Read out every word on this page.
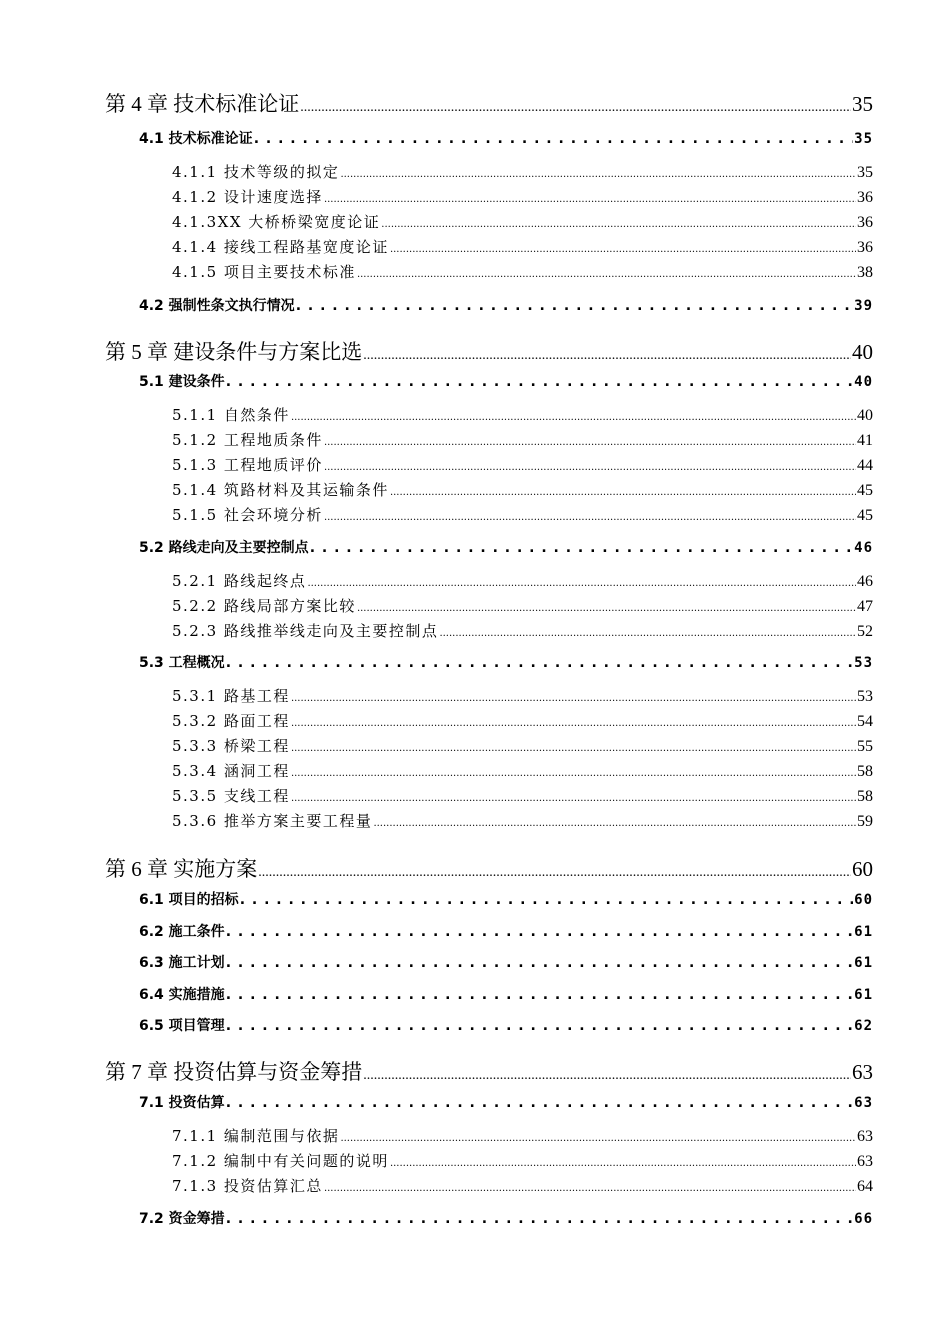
第 4 章 技术标准论证 .....	35
4.1 技术标准论证 . . .	35
4.1.1 技术等级的拟定 .....	35
4.1.2 设计速度选择 .....	36
4.1.3XX 大桥桥梁宽度论证 .....	36
4.1.4 接线工程路基宽度论证 .....	36
4.1.5 项目主要技术标准 .....	38
4.2 强制性条文执行情况 . . .	39
第 5 章 建设条件与方案比选 .....	40
5.1 建设条件 . . .	40
5.1.1 自然条件 .....	40
5.1.2 工程地质条件 .....	41
5.1.3 工程地质评价 .....	44
5.1.4 筑路材料及其运输条件 .....	45
5.1.5 社会环境分析 .....	45
5.2 路线走向及主要控制点 . . .	46
5.2.1 路线起终点 .....	46
5.2.2 路线局部方案比较 .....	47
5.2.3 路线推举线走向及主要控制点 .....	52
5.3 工程概况 . . .	53
5.3.1 路基工程 .....	53
5.3.2 路面工程 .....	54
5.3.3 桥梁工程 .....	55
5.3.4 涵洞工程 .....	58
5.3.5 支线工程 .....	58
5.3.6 推举方案主要工程量 .....	59
第 6 章 实施方案 .....	60
6.1 项目的招标 . . .	60
6.2 施工条件 . . .	61
6.3 施工计划 . . .	61
6.4 实施措施 . . .	61
6.5 项目管理 . . .	62
第 7 章 投资估算与资金筹措 .....	63
7.1 投资估算 . . .	63
7.1.1 编制范围与依据 .....	63
7.1.2 编制中有关问题的说明 .....	63
7.1.3 投资估算汇总 .....	64
7.2 资金筹措 . . .	66
